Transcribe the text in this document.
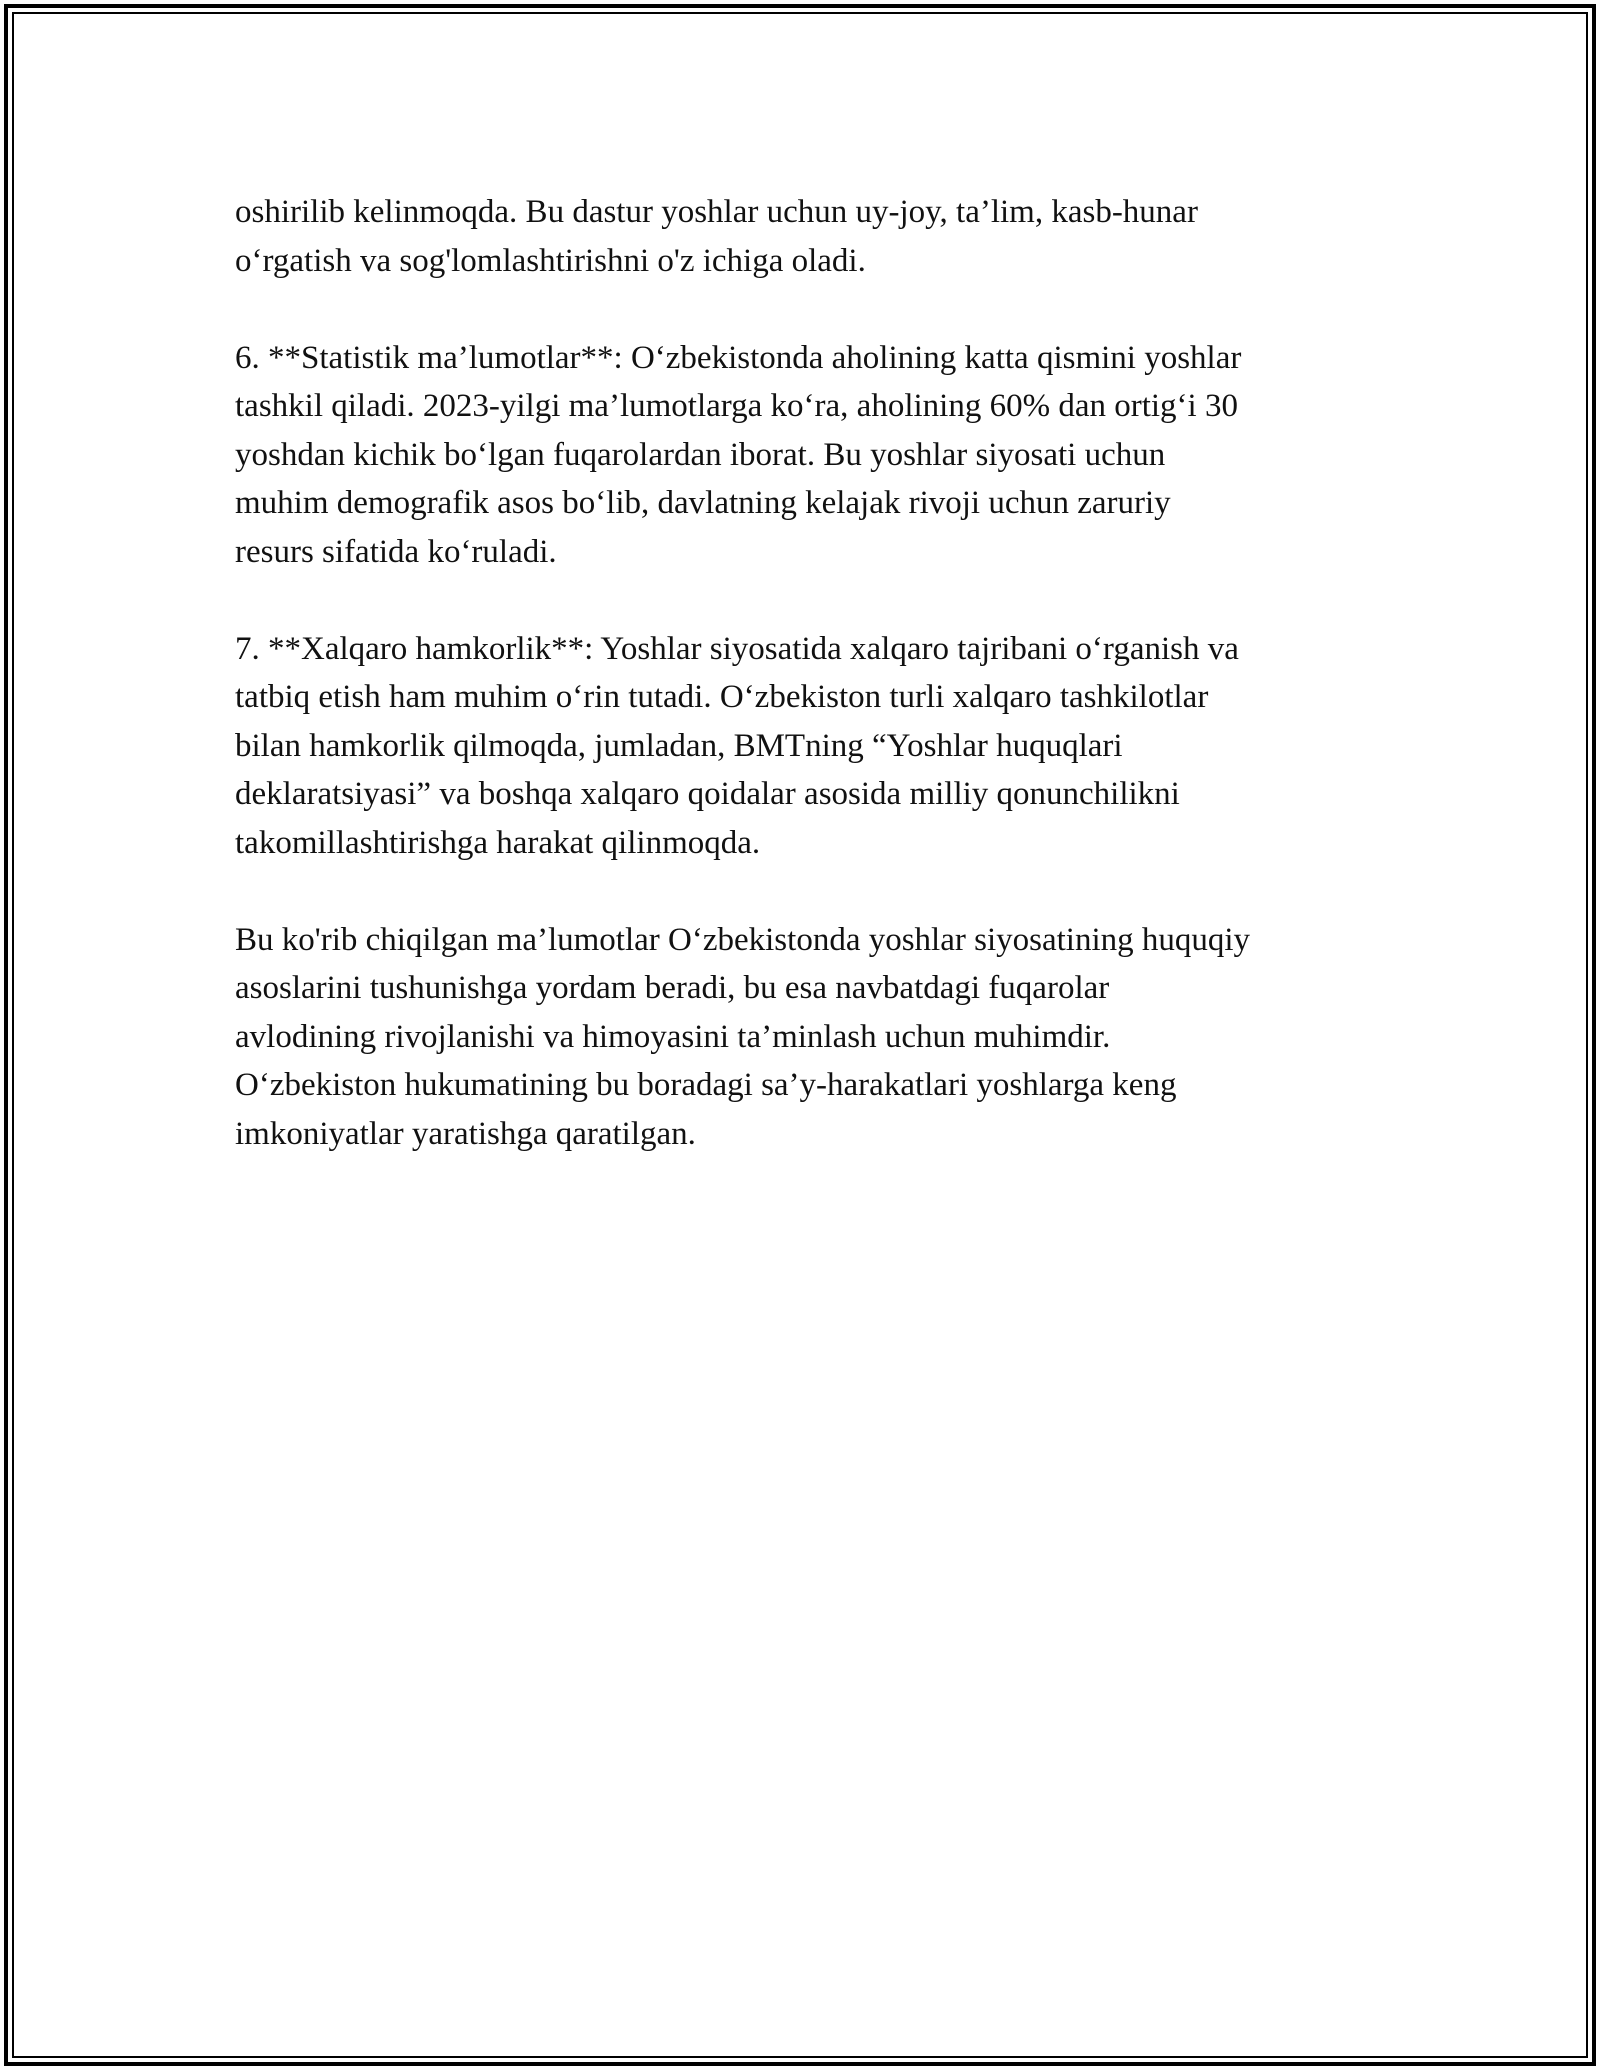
oshirilib kelinmoqda. Bu dastur yoshlar uchun uy-joy, ta’lim, kasb-hunar
o‘rgatish va sog'lomlashtirishni o'z ichiga oladi.

6. **Statistik ma’lumotlar**: O‘zbekistonda aholining katta qismini yoshlar
tashkil qiladi. 2023-yilgi ma’lumotlarga ko‘ra, aholining 60% dan ortig‘i 30
yoshdan kichik bo‘lgan fuqarolardan iborat. Bu yoshlar siyosati uchun
muhim demografik asos bo‘lib, davlatning kelajak rivoji uchun zaruriy
resurs sifatida ko‘ruladi.

7. **Xalqaro hamkorlik**: Yoshlar siyosatida xalqaro tajribani o‘rganish va
tatbiq etish ham muhim o‘rin tutadi. O‘zbekiston turli xalqaro tashkilotlar
bilan hamkorlik qilmoqda, jumladan, BMTning “Yoshlar huquqlari
deklaratsiyasi” va boshqa xalqaro qoidalar asosida milliy qonunchilikni
takomillashtirishga harakat qilinmoqda.

Bu ko'rib chiqilgan ma’lumotlar O‘zbekistonda yoshlar siyosatining huquqiy
asoslarini tushunishga yordam beradi, bu esa navbatdagi fuqarolar
avlodining rivojlanishi va himoyasini ta’minlash uchun muhimdir.
O‘zbekiston hukumatining bu boradagi sa’y-harakatlari yoshlarga keng
imkoniyatlar yaratishga qaratilgan.
